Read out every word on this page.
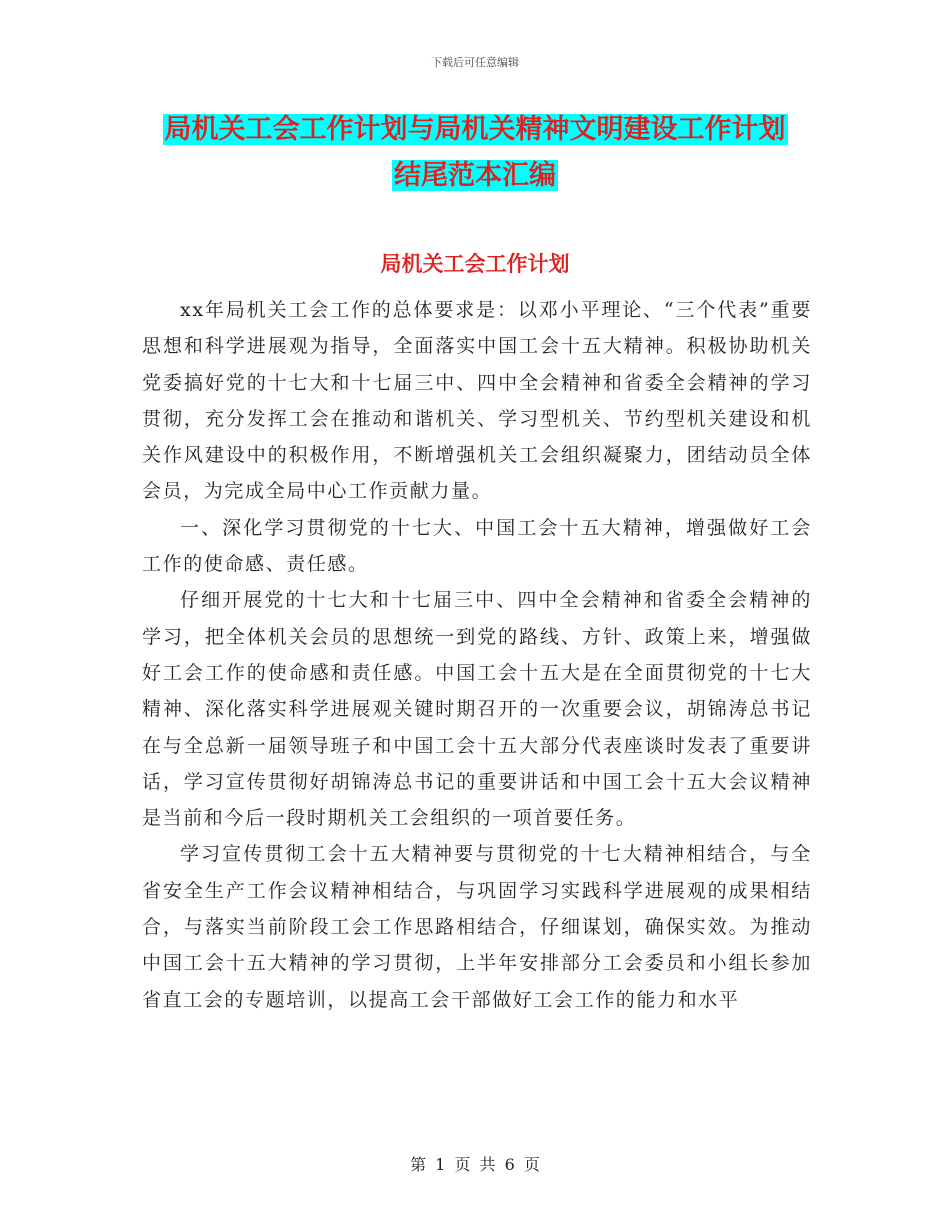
下载后可任意编辑
局机关工会工作计划与局机关精神文明建设工作计划
结尾范本汇编
局机关工会工作计划

xx年局机关工会工作的总体要求是：以邓小平理论、“三个代表”重要思想和科学进展观为指导，全面落实中国工会十五大精神。积极协助机关党委搞好党的十七大和十七届三中、四中全会精神和省委全会精神的学习贯彻，充分发挥工会在推动和谐机关、学习型机关、节约型机关建设和机关作风建设中的积极作用，不断增强机关工会组织凝聚力，团结动员全体会员，为完成全局中心工作贡献力量。

一、深化学习贯彻党的十七大、中国工会十五大精神，增强做好工会工作的使命感、责任感。

仔细开展党的十七大和十七届三中、四中全会精神和省委全会精神的学习，把全体机关会员的思想统一到党的路线、方针、政策上来，增强做好工会工作的使命感和责任感。中国工会十五大是在全面贯彻党的十七大精神、深化落实科学进展观关键时期召开的一次重要会议，胡锦涛总书记在与全总新一届领导班子和中国工会十五大部分代表座谈时发表了重要讲话，学习宣传贯彻好胡锦涛总书记的重要讲话和中国工会十五大会议精神是当前和今后一段时期机关工会组织的一项首要任务。

学习宣传贯彻工会十五大精神要与贯彻党的十七大精神相结合，与全省安全生产工作会议精神相结合，与巩固学习实践科学进展观的成果相结合，与落实当前阶段工会工作思路相结合，仔细谋划，确保实效。为推动中国工会十五大精神的学习贯彻，上半年安排部分工会委员和小组长参加省直工会的专题培训，以提高工会干部做好工会工作的能力和水平

第 1 页 共 6 页
